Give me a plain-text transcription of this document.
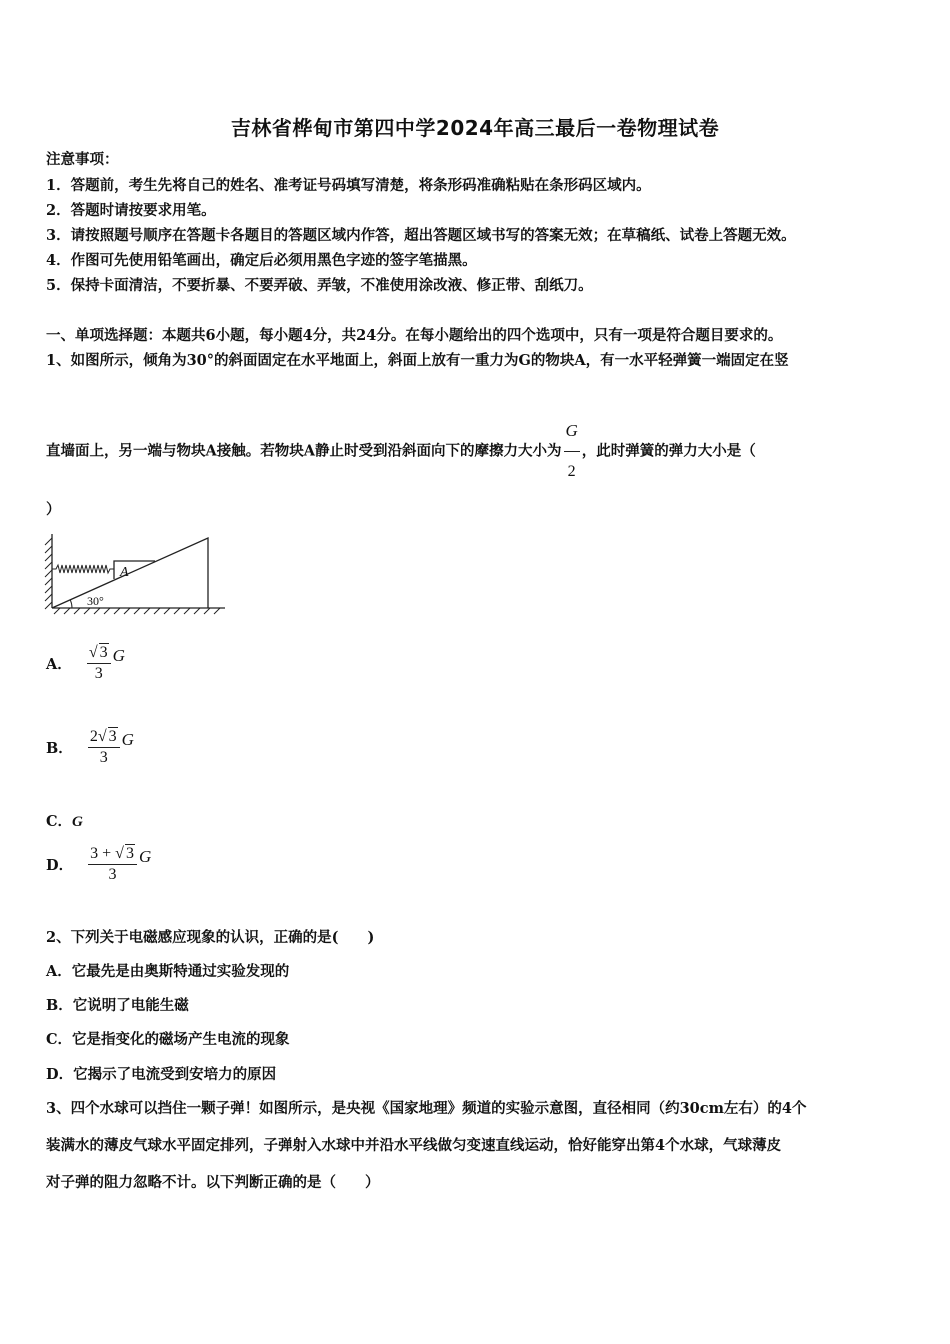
吉林省桦甸市第四中学2024年高三最后一卷物理试卷
注意事项：
1．答题前，考生先将自己的姓名、准考证号码填写清楚，将条形码准确粘贴在条形码区域内。
2．答题时请按要求用笔。
3．请按照题号顺序在答题卡各题目的答题区域内作答，超出答题区域书写的答案无效；在草稿纸、试卷上答题无效。
4．作图可先使用铅笔画出，确定后必须用黑色字迹的签字笔描黑。
5．保持卡面清洁，不要折暴、不要弄破、弄皱，不准使用涂改液、修正带、刮纸刀。
一、单项选择题：本题共6小题，每小题4分，共24分。在每小题给出的四个选项中，只有一项是符合题目要求的。
1、如图所示，倾角为30°的斜面固定在水平地面上，斜面上放有一重力为G的物块A，有一水平轻弹簧一端固定在竖
直墙面上，另一端与物块A接触。若物块A静止时受到沿斜面向下的摩擦力大小为 $\frac{G}{2}$ ，此时弹簧的弹力大小是（
）
A
30°
A． $\frac{√ 3}{3}$ G
B． $\frac{2√ 3}{3}$ G
C．G
D． $\frac{3 + √ 3}{3}$ G
2、下列关于电磁感应现象的认识，正确的是(　　)
A．它最先是由奥斯特通过实验发现的
B．它说明了电能生磁
C．它是指变化的磁场产生电流的现象
D．它揭示了电流受到安培力的原因
3、四个水球可以挡住一颗子弹！如图所示，是央视《国家地理》频道的实验示意图，直径相同（约30cm左右）的4个
装满水的薄皮气球水平固定排列，子弹射入水球中并沿水平线做匀变速直线运动，恰好能穿出第4个水球，气球薄皮
对子弹的阻力忽略不计。以下判断正确的是（　　）
